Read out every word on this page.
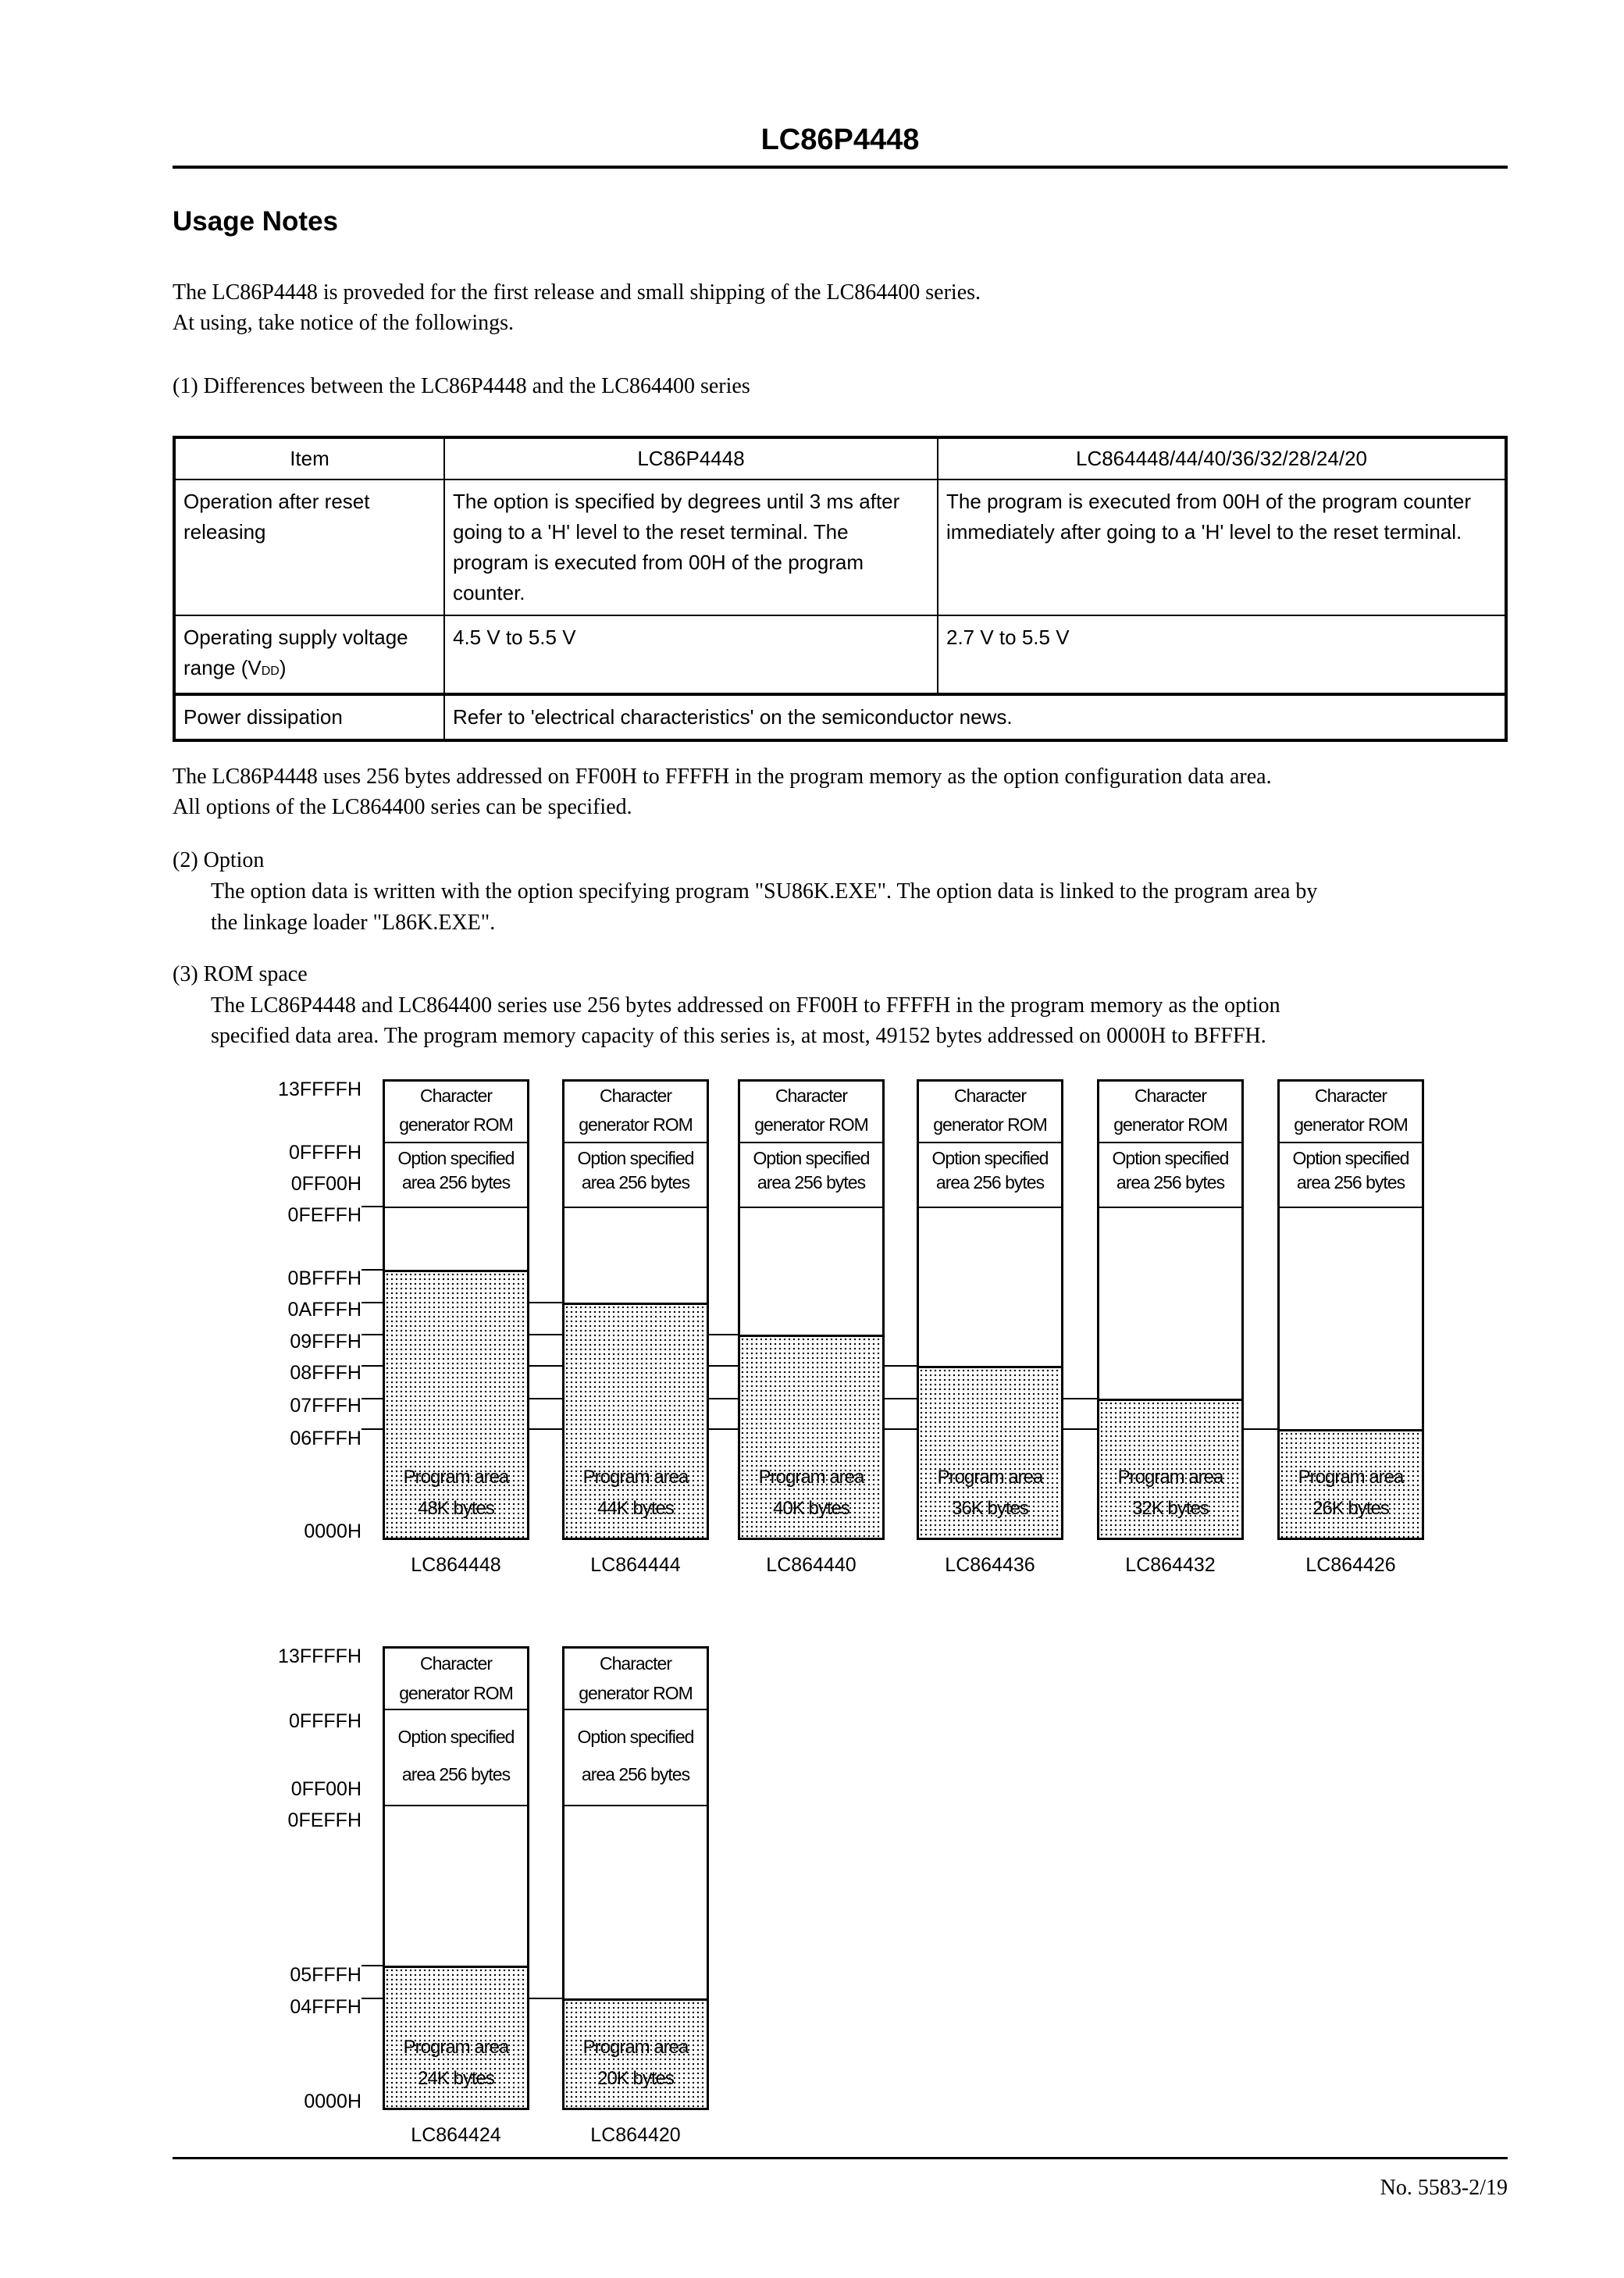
LC86P4448
Usage Notes
The LC86P4448 is proveded for the first release and small shipping of the LC864400 series.
At using, take notice of the followings.
(1) Differences between the LC86P4448 and the LC864400 series
Item	LC86P4448	LC864448/44/40/36/32/28/24/20
Operation after reset releasing	The option is specified by degrees until 3 ms after going to a 'H' level to the reset terminal. The program is executed from 00H of the program counter.	The program is executed from 00H of the program counter immediately after going to a 'H' level to the reset terminal.
Operating supply voltage range (VDD)	4.5 V to 5.5 V	2.7 V to 5.5 V
Power dissipation	Refer to 'electrical characteristics' on the semiconductor news.	
The LC86P4448 uses 256 bytes addressed on FF00H to FFFFH in the program memory as the option configuration data area.
All options of the LC864400 series can be specified.
(2) Option
The option data is written with the option specifying program "SU86K.EXE". The option data is linked to the program area by
the linkage loader "L86K.EXE".
(3) ROM space
The LC86P4448 and LC864400 series use 256 bytes addressed on FF00H to FFFFH in the program memory as the option
specified data area. The program memory capacity of this series is, at most, 49152 bytes addressed on 0000H to BFFFH.
No. 5583-2/19
13FFFFH
0FFFFH
0FF00H
0FEFFH
0BFFFH
0AFFFH
09FFFH
08FFFH
07FFFH
06FFFH
0000H
Character
generator ROM
Option specified
area 256 bytes
Program area
48K bytes
LC864448
Character
generator ROM
Option specified
area 256 bytes
Program area
44K bytes
LC864444
Character
generator ROM
Option specified
area 256 bytes
Program area
40K bytes
LC864440
Character
generator ROM
Option specified
area 256 bytes
Program area
36K bytes
LC864436
Character
generator ROM
Option specified
area 256 bytes
Program area
32K bytes
LC864432
Character
generator ROM
Option specified
area 256 bytes
Program area
26K bytes
LC864426
13FFFFH
0FFFFH
0FF00H
0FEFFH
05FFFH
04FFFH
0000H
Character
generator ROM
Option specified
area 256 bytes
Program area
24K bytes
LC864424
Character
generator ROM
Option specified
area 256 bytes
Program area
20K bytes
LC864420
